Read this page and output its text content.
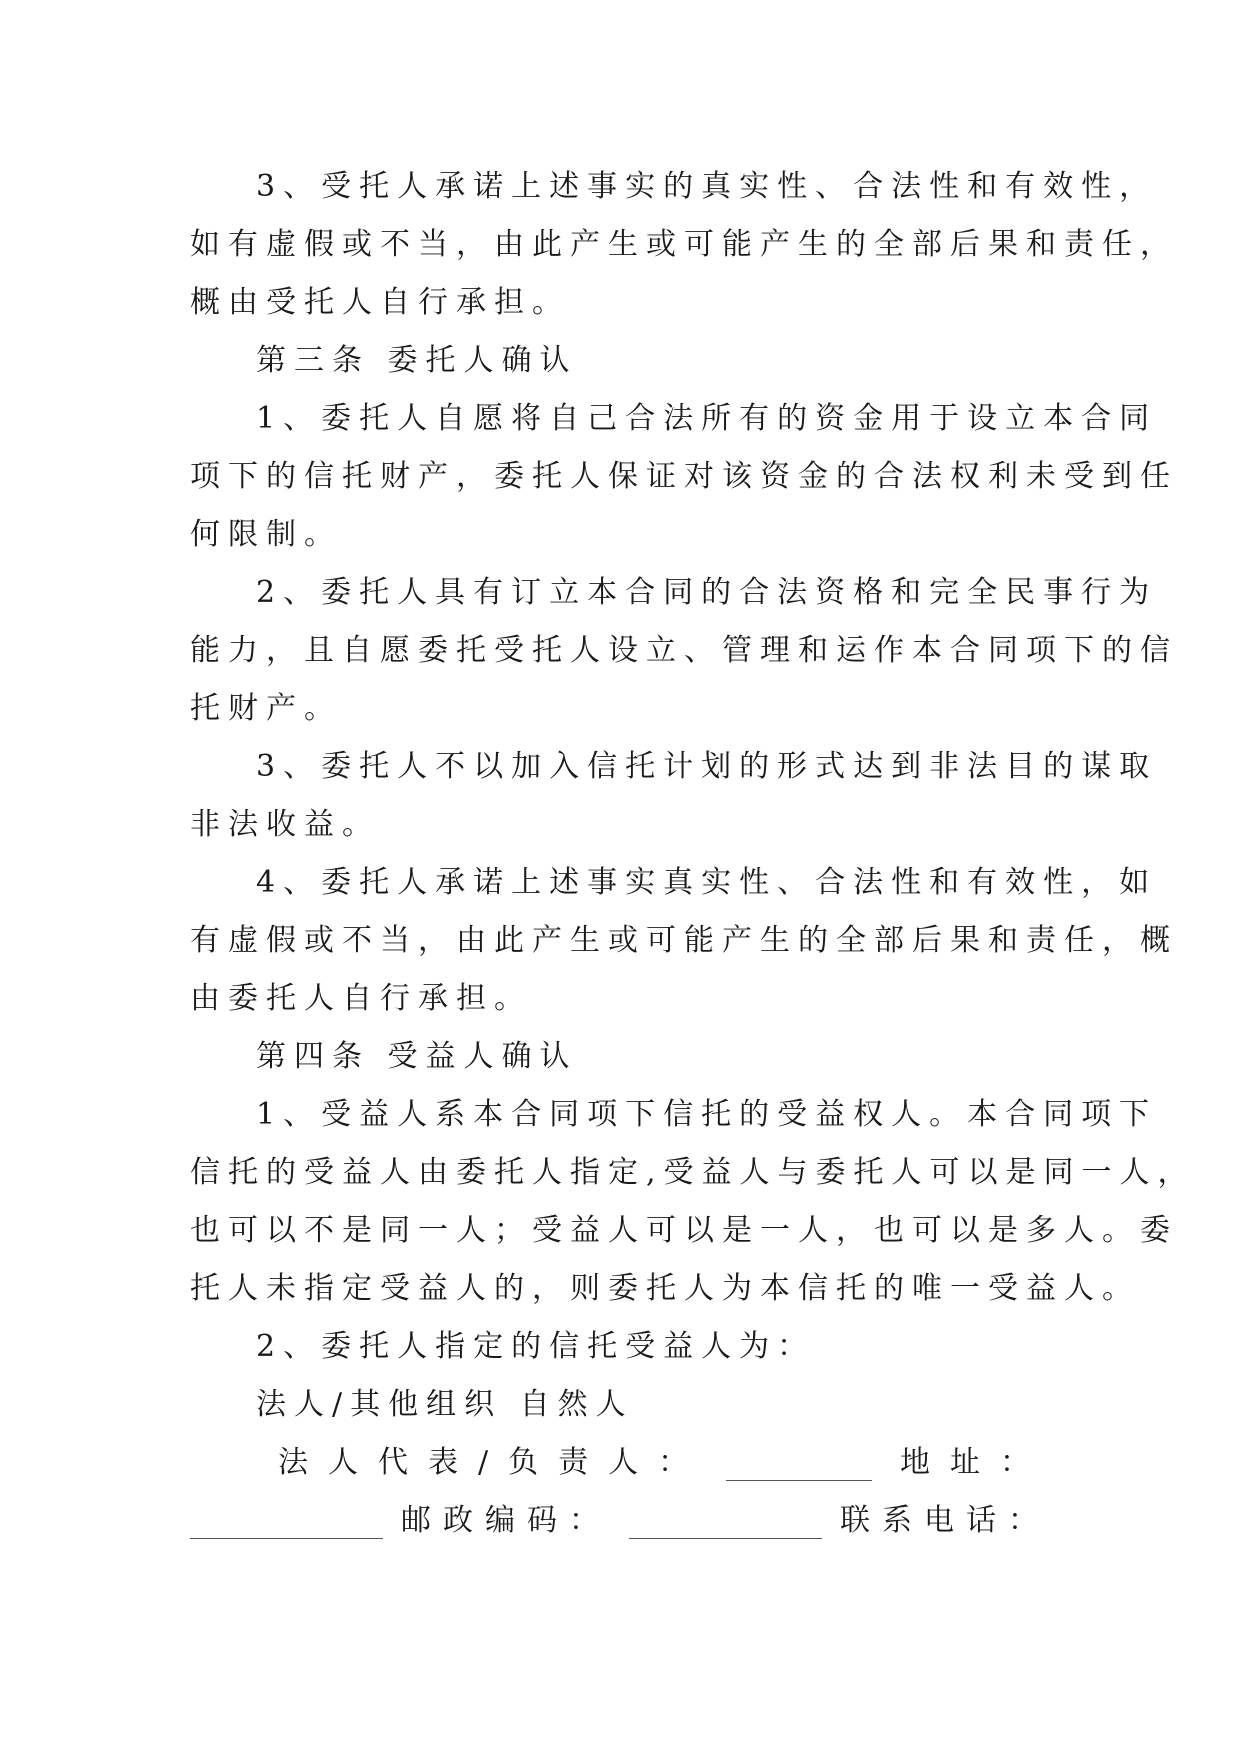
3、受托人承诺上述事实的真实性、合法性和有效性，
如有虚假或不当，由此产生或可能产生的全部后果和责任，
概由受托人自行承担。
第三条 委托人确认
1、委托人自愿将自己合法所有的资金用于设立本合同
项下的信托财产，委托人保证对该资金的合法权利未受到任
何限制。
2、委托人具有订立本合同的合法资格和完全民事行为
能力，且自愿委托受托人设立、管理和运作本合同项下的信
托财产。
3、委托人不以加入信托计划的形式达到非法目的谋取
非法收益。
4、委托人承诺上述事实真实性、合法性和有效性，如
有虚假或不当，由此产生或可能产生的全部后果和责任，概
由委托人自行承担。
第四条 受益人确认
1、受益人系本合同项下信托的受益权人。本合同项下
信托的受益人由委托人指定,受益人与委托人可以是同一人，
也可以不是同一人；受益人可以是一人，也可以是多人。委
托人未指定受益人的，则委托人为本信托的唯一受益人。
2、委托人指定的信托受益人为：
法人/其他组织 自然人
法人代表/负责人：	地址：
邮政编码：	联系电话：
